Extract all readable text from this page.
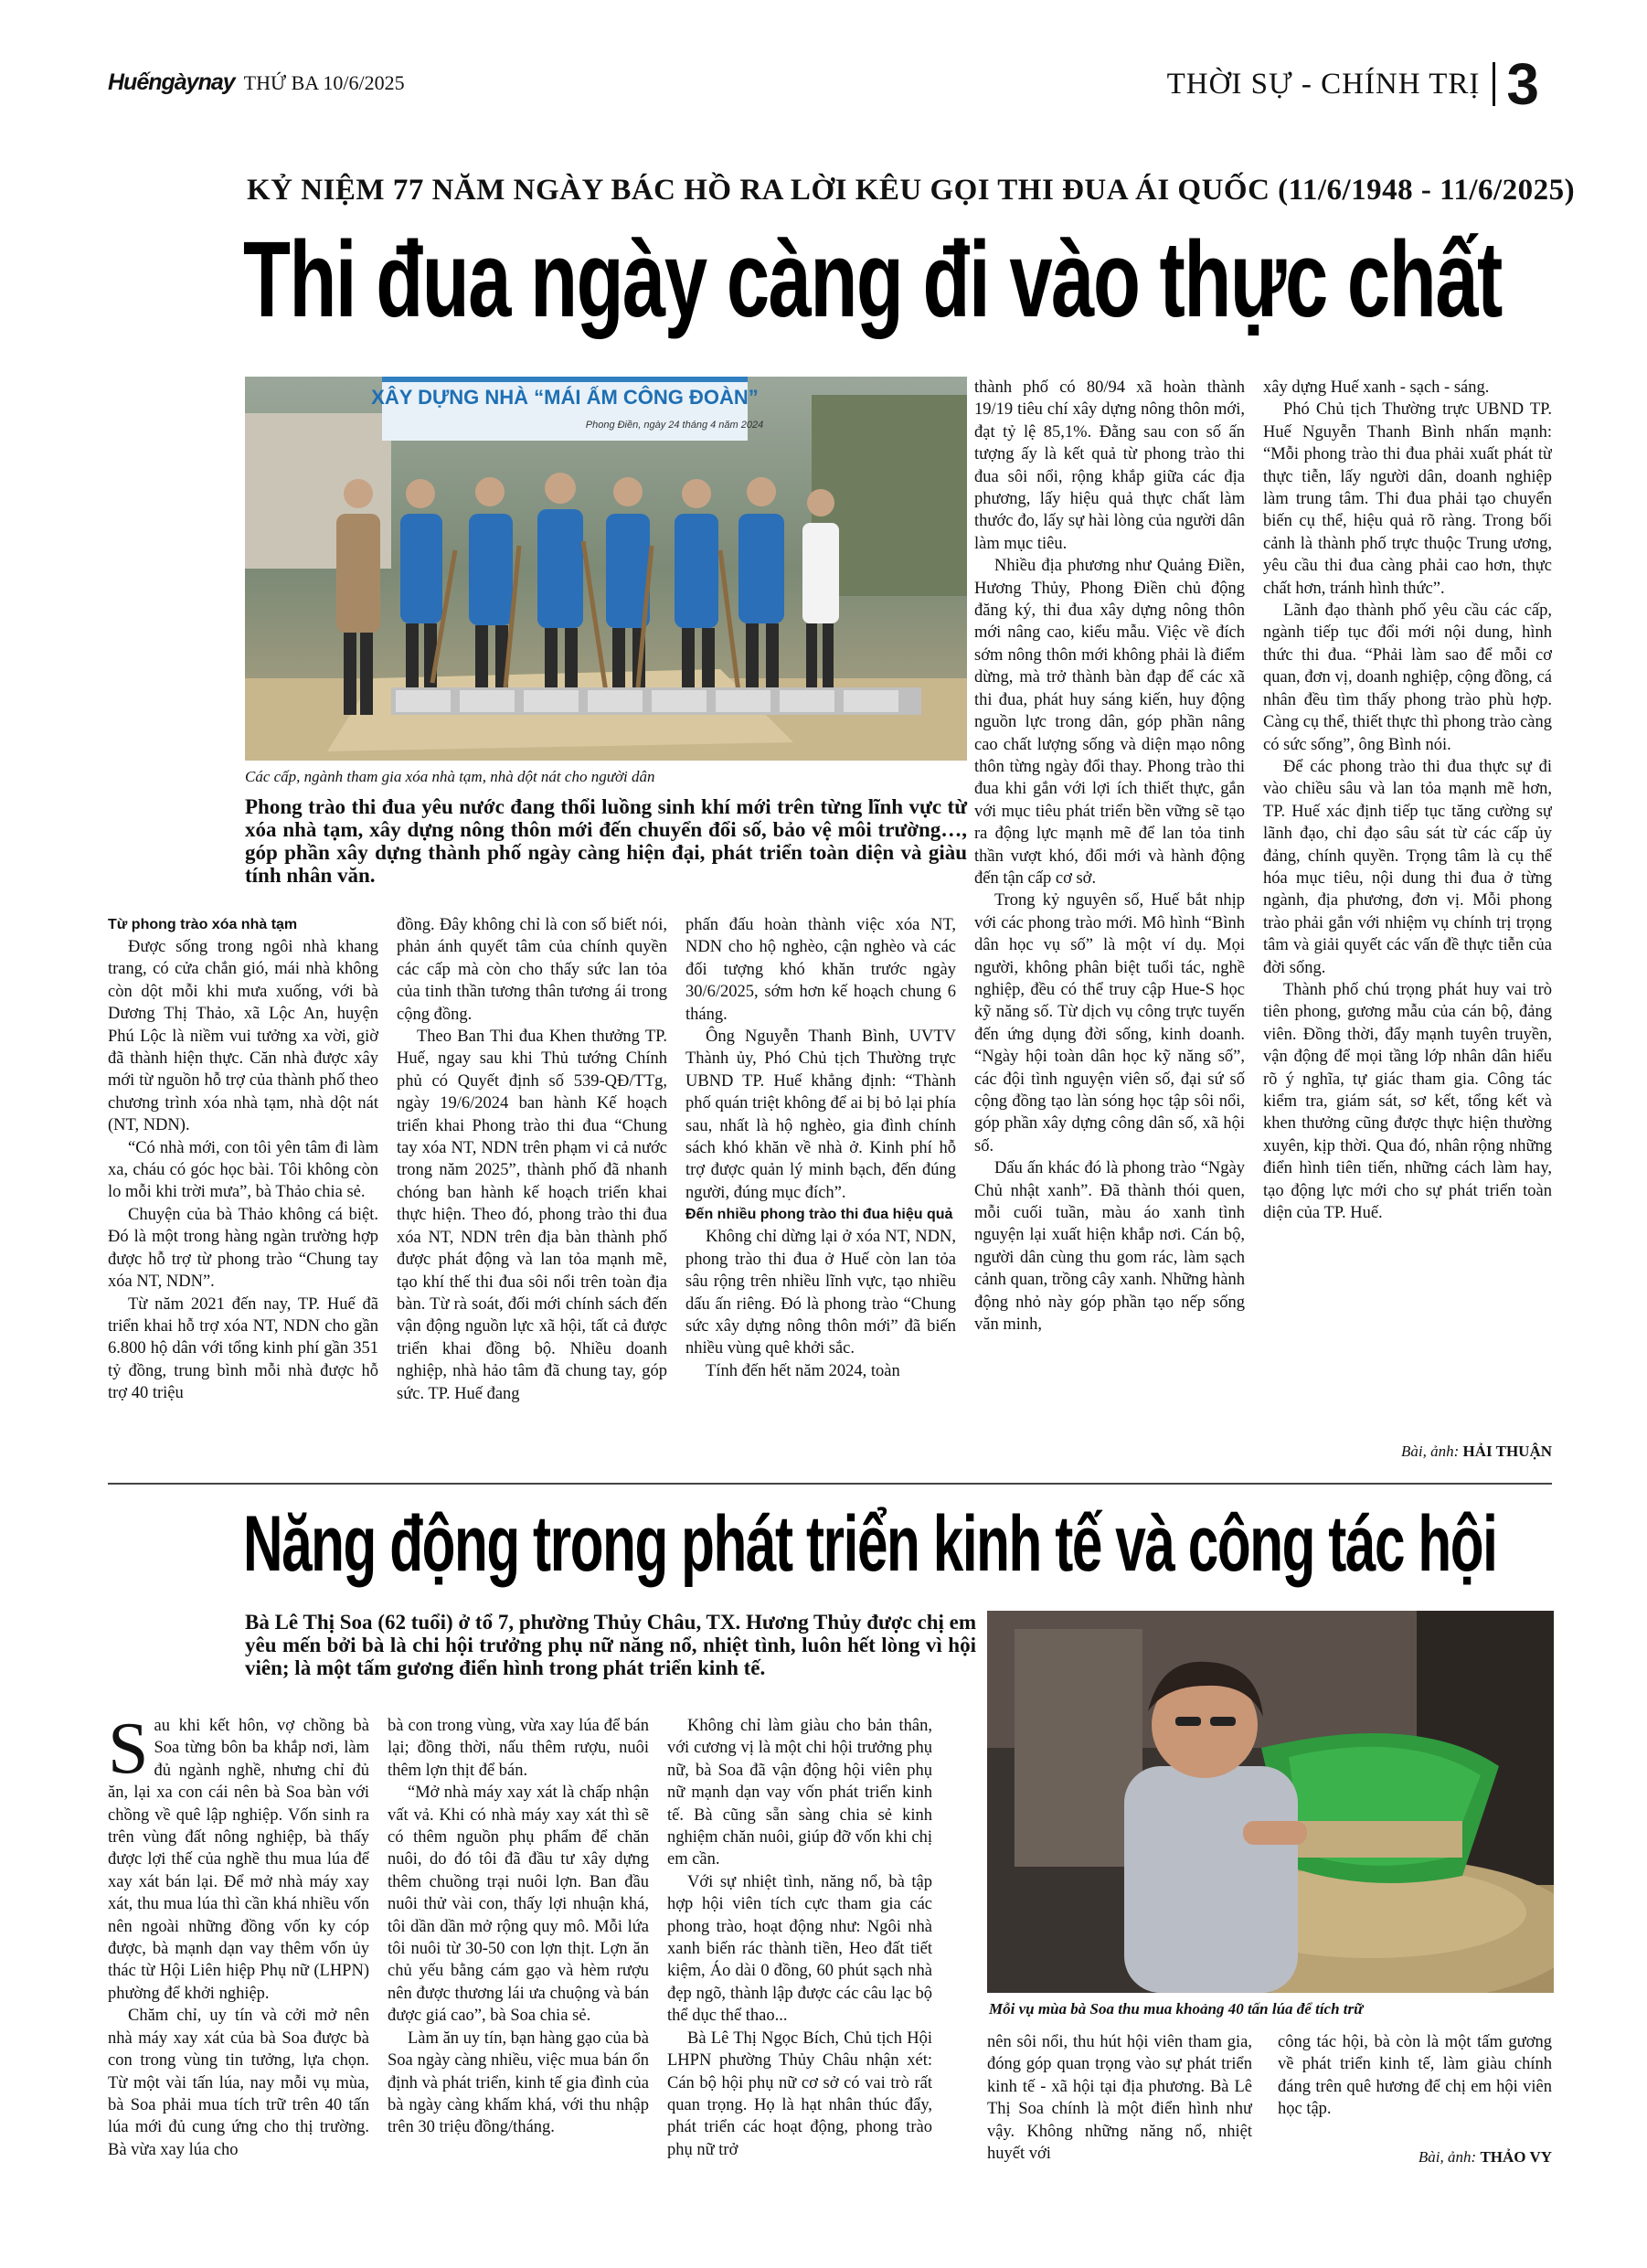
Huếngàynay THỨ BA 10/6/2025	THỜI SỰ - CHÍNH TRỊ 3
KỶ NIỆM 77 NĂM NGÀY BÁC HỒ RA LỜI KÊU GỌI THI ĐUA ÁI QUỐC (11/6/1948 - 11/6/2025)
Thi đua ngày càng đi vào thực chất
XÂY DỰNG NHÀ “MÁI ẤM CÔNG ĐOÀN”
Phong Điền, ngày 24 tháng 4 năm 2024
Các cấp, ngành tham gia xóa nhà tạm, nhà dột nát cho người dân
Phong trào thi đua yêu nước đang thổi luồng sinh khí mới trên từng lĩnh vực từ xóa nhà tạm, xây dựng nông thôn mới đến chuyển đổi số, bảo vệ môi trường…, góp phần xây dựng thành phố ngày càng hiện đại, phát triển toàn diện và giàu tính nhân văn.

Từ phong trào xóa nhà tạm

Được sống trong ngôi nhà khang trang, có cửa chắn gió, mái nhà không còn dột mỗi khi mưa xuống, với bà Dương Thị Thảo, xã Lộc An, huyện Phú Lộc là niềm vui tưởng xa vời, giờ đã thành hiện thực. Căn nhà được xây mới từ nguồn hỗ trợ của thành phố theo chương trình xóa nhà tạm, nhà dột nát (NT, NDN).

“Có nhà mới, con tôi yên tâm đi làm xa, cháu có góc học bài. Tôi không còn lo mỗi khi trời mưa”, bà Thảo chia sẻ.

Chuyện của bà Thảo không cá biệt. Đó là một trong hàng ngàn trường hợp được hỗ trợ từ phong trào “Chung tay xóa NT, NDN”.

Từ năm 2021 đến nay, TP. Huế đã triển khai hỗ trợ xóa NT, NDN cho gần 6.800 hộ dân với tổng kinh phí gần 351 tỷ đồng, trung bình mỗi nhà được hỗ trợ 40 triệu

đồng. Đây không chỉ là con số biết nói, phản ánh quyết tâm của chính quyền các cấp mà còn cho thấy sức lan tỏa của tinh thần tương thân tương ái trong cộng đồng.

Theo Ban Thi đua Khen thưởng TP. Huế, ngay sau khi Thủ tướng Chính phủ có Quyết định số 539-QĐ/TTg, ngày 19/6/2024 ban hành Kế hoạch triển khai Phong trào thi đua “Chung tay xóa NT, NDN trên phạm vi cả nước trong năm 2025”, thành phố đã nhanh chóng ban hành kế hoạch triển khai thực hiện. Theo đó, phong trào thi đua xóa NT, NDN trên địa bàn thành phố được phát động và lan tỏa mạnh mẽ, tạo khí thế thi đua sôi nổi trên toàn địa bàn. Từ rà soát, đối mới chính sách đến vận động nguồn lực xã hội, tất cả được triển khai đồng bộ. Nhiều doanh nghiệp, nhà hảo tâm đã chung tay, góp sức. TP. Huế đang

phấn đấu hoàn thành việc xóa NT, NDN cho hộ nghèo, cận nghèo và các đối tượng khó khăn trước ngày 30/6/2025, sớm hơn kế hoạch chung 6 tháng.

Ông Nguyễn Thanh Bình, UVTV Thành ủy, Phó Chủ tịch Thường trực UBND TP. Huế khẳng định: “Thành phố quán triệt không để ai bị bỏ lại phía sau, nhất là hộ nghèo, gia đình chính sách khó khăn về nhà ở. Kinh phí hỗ trợ được quản lý minh bạch, đến đúng người, đúng mục đích”.

Đến nhiều phong trào thi đua hiệu quả

Không chỉ dừng lại ở xóa NT, NDN, phong trào thi đua ở Huế còn lan tỏa sâu rộng trên nhiều lĩnh vực, tạo nhiều dấu ấn riêng. Đó là phong trào “Chung sức xây dựng nông thôn mới” đã biến nhiều vùng quê khởi sắc.

Tính đến hết năm 2024, toàn

thành phố có 80/94 xã hoàn thành 19/19 tiêu chí xây dựng nông thôn mới, đạt tỷ lệ 85,1%. Đằng sau con số ấn tượng ấy là kết quả từ phong trào thi đua sôi nổi, rộng khắp giữa các địa phương, lấy hiệu quả thực chất làm thước đo, lấy sự hài lòng của người dân làm mục tiêu.

Nhiều địa phương như Quảng Điền, Hương Thủy, Phong Điền chủ động đăng ký, thi đua xây dựng nông thôn mới nâng cao, kiểu mẫu. Việc về đích sớm nông thôn mới không phải là điểm dừng, mà trở thành bàn đạp để các xã thi đua, phát huy sáng kiến, huy động nguồn lực trong dân, góp phần nâng cao chất lượng sống và diện mạo nông thôn từng ngày đổi thay. Phong trào thi đua khi gắn với lợi ích thiết thực, gắn với mục tiêu phát triển bền vững sẽ tạo ra động lực mạnh mẽ để lan tỏa tinh thần vượt khó, đổi mới và hành động đến tận cấp cơ sở.

Trong kỷ nguyên số, Huế bắt nhịp với các phong trào mới. Mô hình “Bình dân học vụ số” là một ví dụ. Mọi người, không phân biệt tuổi tác, nghề nghiệp, đều có thể truy cập Hue-S học kỹ năng số. Từ dịch vụ công trực tuyến đến ứng dụng đời sống, kinh doanh. “Ngày hội toàn dân học kỹ năng số”, các đội tình nguyện viên số, đại sứ số cộng đồng tạo làn sóng học tập sôi nổi, góp phần xây dựng công dân số, xã hội số.

Dấu ấn khác đó là phong trào “Ngày Chủ nhật xanh”. Đã thành thói quen, mỗi cuối tuần, màu áo xanh tình nguyện lại xuất hiện khắp nơi. Cán bộ, người dân cùng thu gom rác, làm sạch cảnh quan, trồng cây xanh. Những hành động nhỏ này góp phần tạo nếp sống văn minh,

xây dựng Huế xanh - sạch - sáng.

Phó Chủ tịch Thường trực UBND TP. Huế Nguyễn Thanh Bình nhấn mạnh: “Mỗi phong trào thi đua phải xuất phát từ thực tiễn, lấy người dân, doanh nghiệp làm trung tâm. Thi đua phải tạo chuyển biến cụ thể, hiệu quả rõ ràng. Trong bối cảnh là thành phố trực thuộc Trung ương, yêu cầu thi đua càng phải cao hơn, thực chất hơn, tránh hình thức”.

Lãnh đạo thành phố yêu cầu các cấp, ngành tiếp tục đổi mới nội dung, hình thức thi đua. “Phải làm sao để mỗi cơ quan, đơn vị, doanh nghiệp, cộng đồng, cá nhân đều tìm thấy phong trào phù hợp. Càng cụ thể, thiết thực thì phong trào càng có sức sống”, ông Bình nói.

Để các phong trào thi đua thực sự đi vào chiều sâu và lan tỏa mạnh mẽ hơn, TP. Huế xác định tiếp tục tăng cường sự lãnh đạo, chỉ đạo sâu sát từ các cấp ủy đảng, chính quyền. Trọng tâm là cụ thể hóa mục tiêu, nội dung thi đua ở từng ngành, địa phương, đơn vị. Mỗi phong trào phải gắn với nhiệm vụ chính trị trọng tâm và giải quyết các vấn đề thực tiễn của đời sống.

Thành phố chú trọng phát huy vai trò tiên phong, gương mẫu của cán bộ, đảng viên. Đồng thời, đẩy mạnh tuyên truyền, vận động để mọi tầng lớp nhân dân hiểu rõ ý nghĩa, tự giác tham gia. Công tác kiểm tra, giám sát, sơ kết, tổng kết và khen thưởng cũng được thực hiện thường xuyên, kịp thời. Qua đó, nhân rộng những điển hình tiên tiến, những cách làm hay, tạo động lực mới cho sự phát triển toàn diện của TP. Huế.

Bài, ảnh: HẢI THUẬN
Năng động trong phát triển kinh tế và công tác hội
Bà Lê Thị Soa (62 tuổi) ở tổ 7, phường Thủy Châu, TX. Hương Thủy được chị em yêu mến bởi bà là chi hội trưởng phụ nữ năng nổ, nhiệt tình, luôn hết lòng vì hội viên; là một tấm gương điển hình trong phát triển kinh tế.
Mỗi vụ mùa bà Soa thu mua khoảng 40 tấn lúa để tích trữ

Sau khi kết hôn, vợ chồng bà Soa từng bôn ba khắp nơi, làm đủ ngành nghề, nhưng chỉ đủ ăn, lại xa con cái nên bà Soa bàn với chồng về quê lập nghiệp. Vốn sinh ra trên vùng đất nông nghiệp, bà thấy được lợi thế của nghề thu mua lúa để xay xát bán lại. Để mở nhà máy xay xát, thu mua lúa thì cần khá nhiều vốn nên ngoài những đồng vốn ky cóp được, bà mạnh dạn vay thêm vốn ủy thác từ Hội Liên hiệp Phụ nữ (LHPN) phường để khởi nghiệp.

Chăm chỉ, uy tín và cởi mở nên nhà máy xay xát của bà Soa được bà con trong vùng tin tưởng, lựa chọn. Từ một vài tấn lúa, nay mỗi vụ mùa, bà Soa phải mua tích trữ trên 40 tấn lúa mới đủ cung ứng cho thị trường. Bà vừa xay lúa cho

bà con trong vùng, vừa xay lúa để bán lại; đồng thời, nấu thêm rượu, nuôi thêm lợn thịt để bán.

“Mở nhà máy xay xát là chấp nhận vất vả. Khi có nhà máy xay xát thì sẽ có thêm nguồn phụ phẩm để chăn nuôi, do đó tôi đã đầu tư xây dựng thêm chuồng trại nuôi lợn. Ban đầu nuôi thử vài con, thấy lợi nhuận khá, tôi dần dần mở rộng quy mô. Mỗi lứa tôi nuôi từ 30-50 con lợn thịt. Lợn ăn chủ yếu bằng cám gạo và hèm rượu nên được thương lái ưa chuộng và bán được giá cao”, bà Soa chia sẻ.

Làm ăn uy tín, bạn hàng gạo của bà Soa ngày càng nhiều, việc mua bán ổn định và phát triển, kinh tế gia đình của bà ngày càng khấm khá, với thu nhập trên 30 triệu đồng/tháng.

Không chỉ làm giàu cho bản thân, với cương vị là một chi hội trưởng phụ nữ, bà Soa đã vận động hội viên phụ nữ mạnh dạn vay vốn phát triển kinh tế. Bà cũng sẵn sàng chia sẻ kinh nghiệm chăn nuôi, giúp đỡ vốn khi chị em cần.

Với sự nhiệt tình, năng nổ, bà tập hợp hội viên tích cực tham gia các phong trào, hoạt động như: Ngôi nhà xanh biến rác thành tiền, Heo đất tiết kiệm, Áo dài 0 đồng, 60 phút sạch nhà đẹp ngõ, thành lập được các câu lạc bộ thể dục thể thao...

Bà Lê Thị Ngọc Bích, Chủ tịch Hội LHPN phường Thủy Châu nhận xét: Cán bộ hội phụ nữ cơ sở có vai trò rất quan trọng. Họ là hạt nhân thúc đẩy, phát triển các hoạt động, phong trào phụ nữ trở

nên sôi nổi, thu hút hội viên tham gia, đóng góp quan trọng vào sự phát triển kinh tế - xã hội tại địa phương. Bà Lê Thị Soa chính là một điển hình như vậy. Không những năng nổ, nhiệt huyết với

công tác hội, bà còn là một tấm gương về phát triển kinh tế, làm giàu chính đáng trên quê hương để chị em hội viên học tập.

Bài, ảnh: THẢO VY
